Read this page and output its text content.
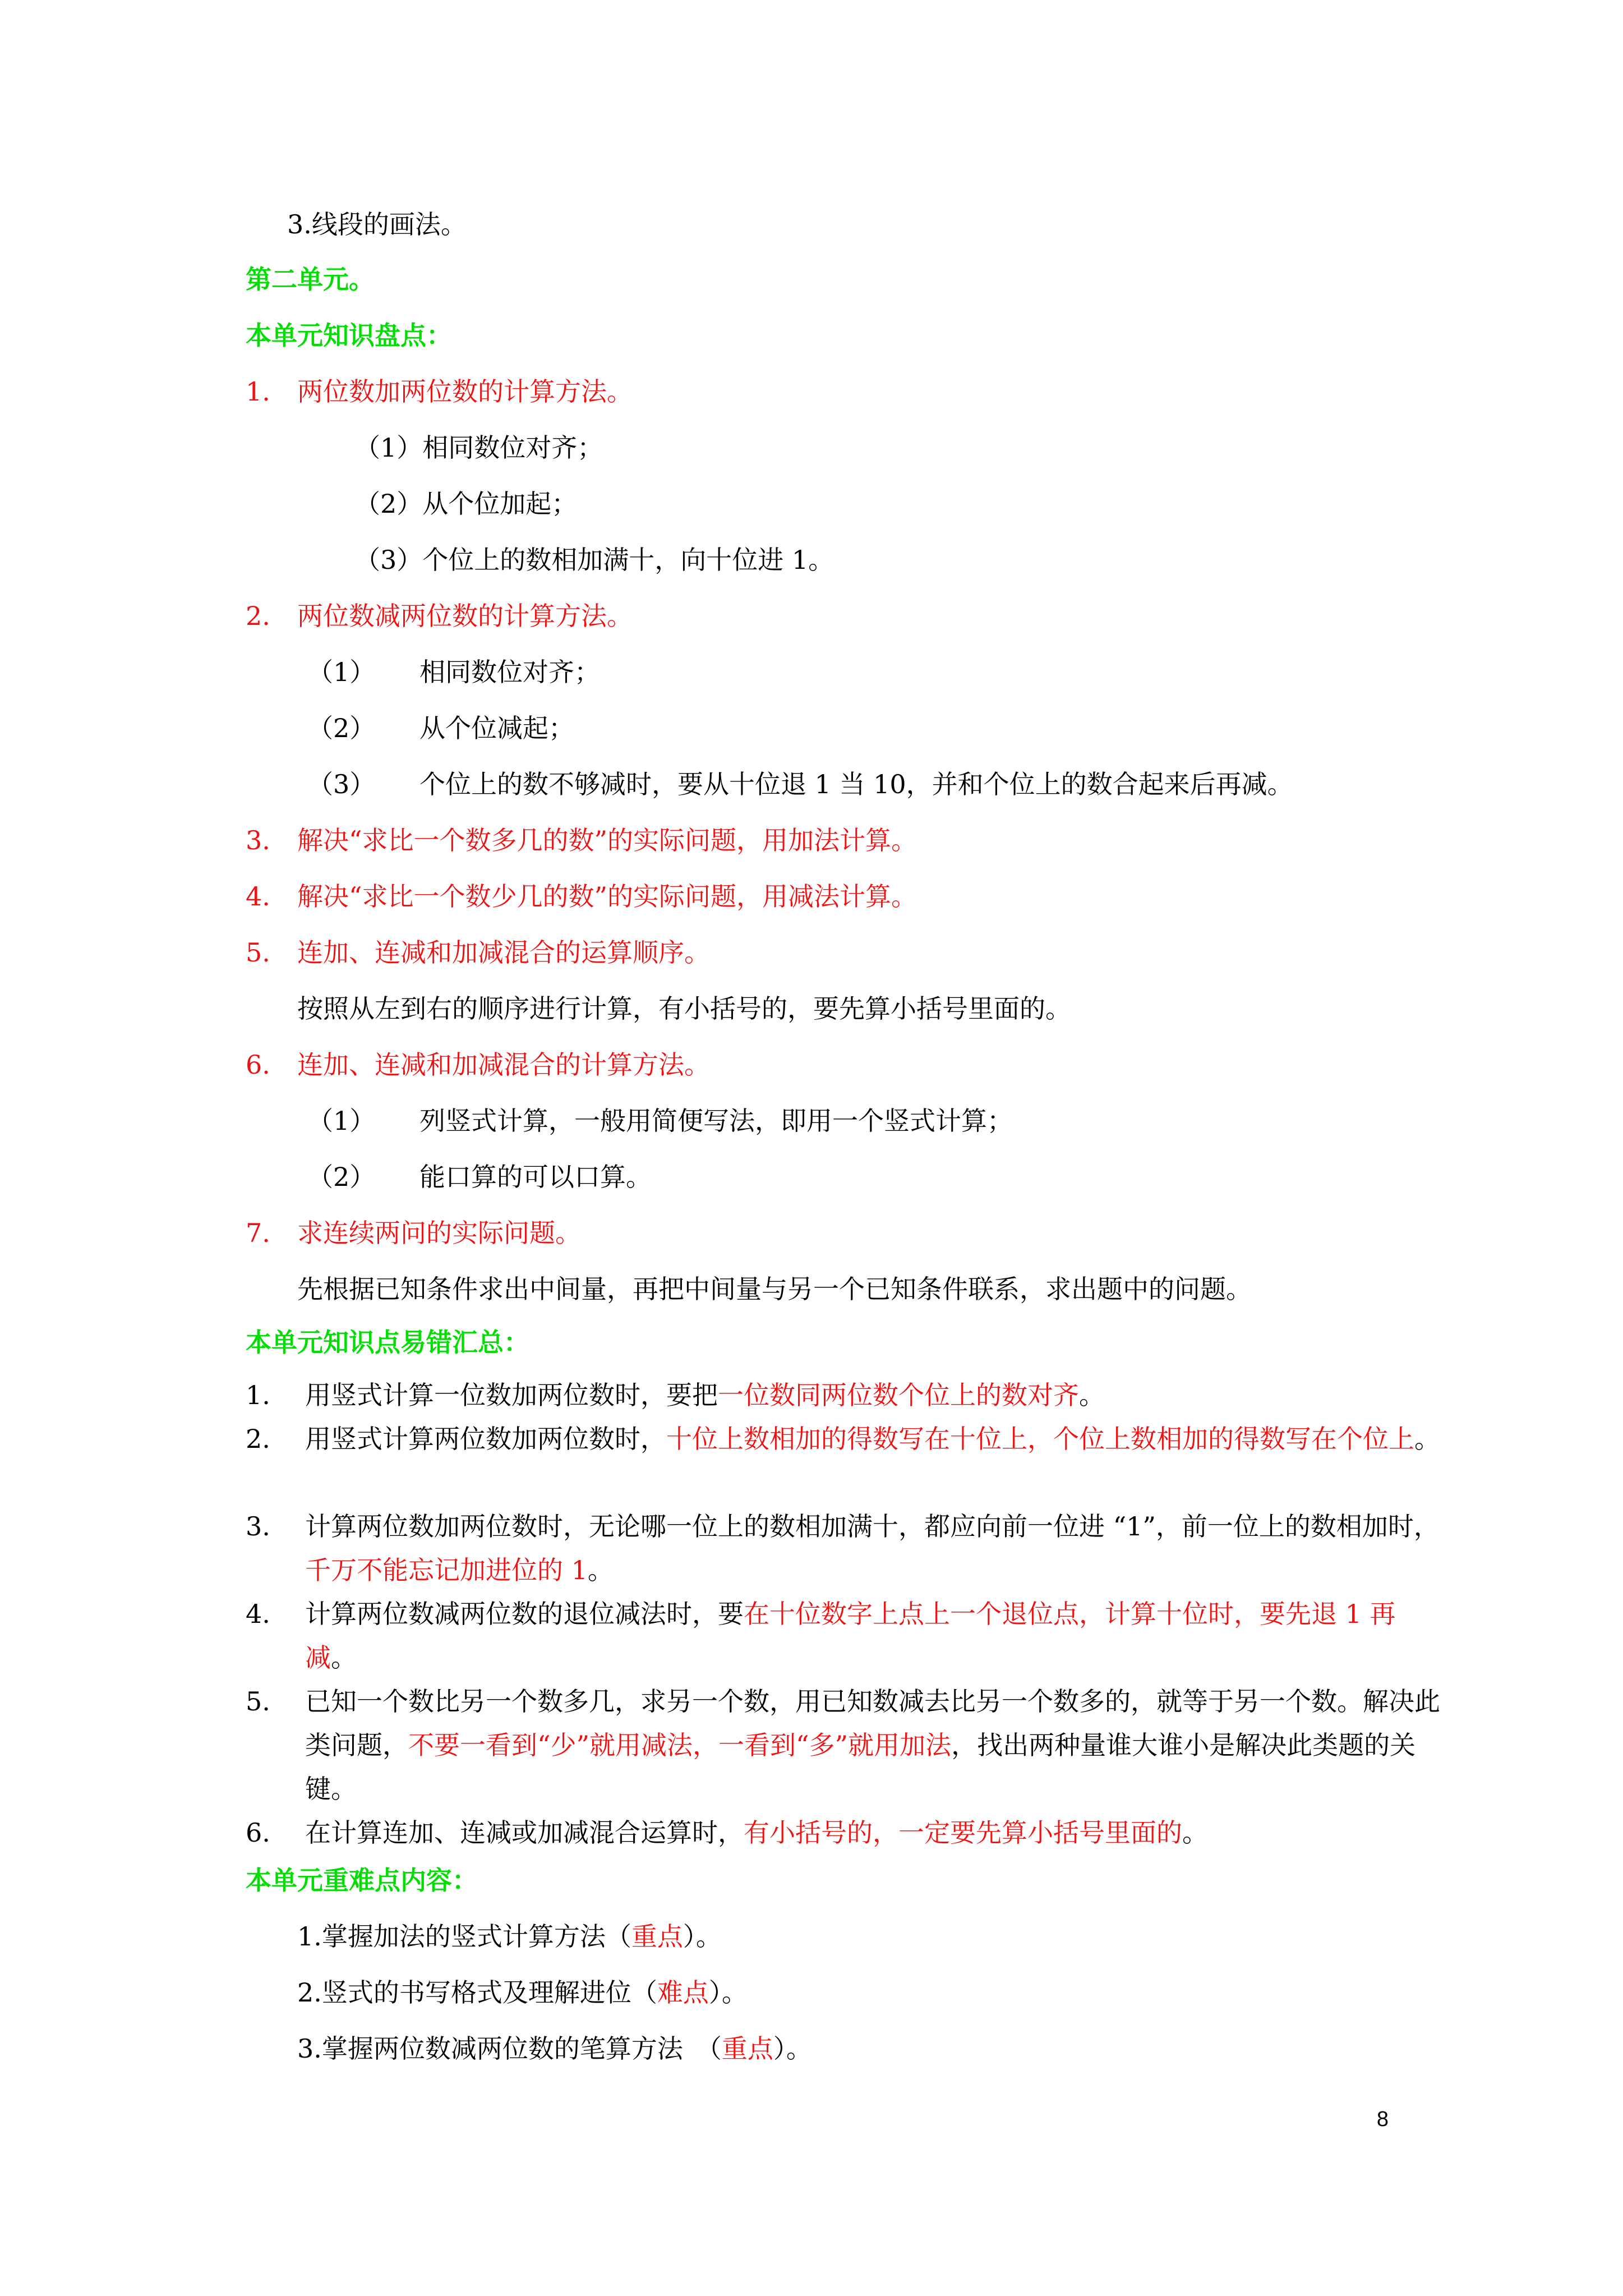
3.线段的画法。
第二单元。
本单元知识盘点：
1. 两位数加两位数的计算方法。
（1）相同数位对齐；
（2）从个位加起；
（3）个位上的数相加满十，向十位进 1。
2. 两位数减两位数的计算方法。
（1） 相同数位对齐；
（2） 从个位减起；
（3） 个位上的数不够减时，要从十位退 1 当 10，并和个位上的数合起来后再减。
3. 解决“求比一个数多几的数”的实际问题，用加法计算。
4. 解决“求比一个数少几的数”的实际问题，用减法计算。
5. 连加、连减和加减混合的运算顺序。
按照从左到右的顺序进行计算，有小括号的，要先算小括号里面的。
6. 连加、连减和加减混合的计算方法。
（1） 列竖式计算，一般用简便写法，即用一个竖式计算；
（2） 能口算的可以口算。
7. 求连续两问的实际问题。
先根据已知条件求出中间量，再把中间量与另一个已知条件联系，求出题中的问题。
本单元知识点易错汇总：
1. 用竖式计算一位数加两位数时，要把一位数同两位数个位上的数对齐。
2. 用竖式计算两位数加两位数时，十位上数相加的得数写在十位上，个位上数相加的得数写在个位上。
3. 计算两位数加两位数时，无论哪一位上的数相加满十，都应向前一位进 “1”，前一位上的数相加时，千万不能忘记加进位的 1。
4. 计算两位数减两位数的退位减法时，要在十位数字上点上一个退位点，计算十位时，要先退 1 再减。
5. 已知一个数比另一个数多几，求另一个数，用已知数减去比另一个数多的，就等于另一个数。解决此类问题，不要一看到“少”就用减法，一看到“多”就用加法，找出两种量谁大谁小是解决此类题的关键。
6. 在计算连加、连减或加减混合运算时，有小括号的，一定要先算小括号里面的。
本单元重难点内容：
1.掌握加法的竖式计算方法（重点）。
2.竖式的书写格式及理解进位（难点）。
3.掌握两位数减两位数的笔算方法　（重点）。
8
